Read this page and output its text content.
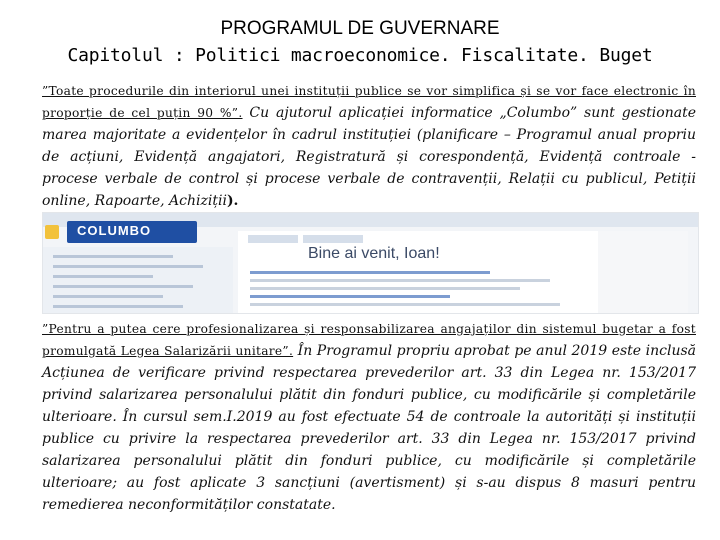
PROGRAMUL DE GUVERNARE
Capitolul : Politici macroeconomice. Fiscalitate. Buget
”Toate procedurile din interiorul unei instituții publice se vor simplifica și se vor face electronic în proporție de cel puțin 90 %”. Cu ajutorul aplicației informatice „Columbo” sunt gestionate marea majoritate a evidențelor în cadrul instituției (planificare – Programul anual propriu de acțiuni, Evidență angajatori, Registratură și corespondență, Evidență controale - procese verbale de control și procese verbale de contravenții, Relații cu publicul, Petiții online, Rapoarte, Achiziții).
COLUMBO
Bine ai venit, Ioan!
”Pentru a putea cere profesionalizarea și responsabilizarea angajaților din sistemul bugetar a fost promulgată Legea Salarizării unitare”. În Programul propriu aprobat pe anul 2019 este inclusă Acțiunea de verificare privind respectarea prevederilor art. 33 din Legea nr. 153/2017 privind salarizarea personalului plătit din fonduri publice, cu modificările și completările ulterioare. În cursul sem.I.2019 au fost efectuate 54 de controale la autorități și instituții publice cu privire la respectarea prevederilor art. 33 din Legea nr. 153/2017 privind salarizarea personalului plătit din fonduri publice, cu modificările și completările ulterioare; au fost aplicate 3 sancțiuni (avertisment) și s-au dispus 8 masuri pentru remedierea neconformităților constatate.
